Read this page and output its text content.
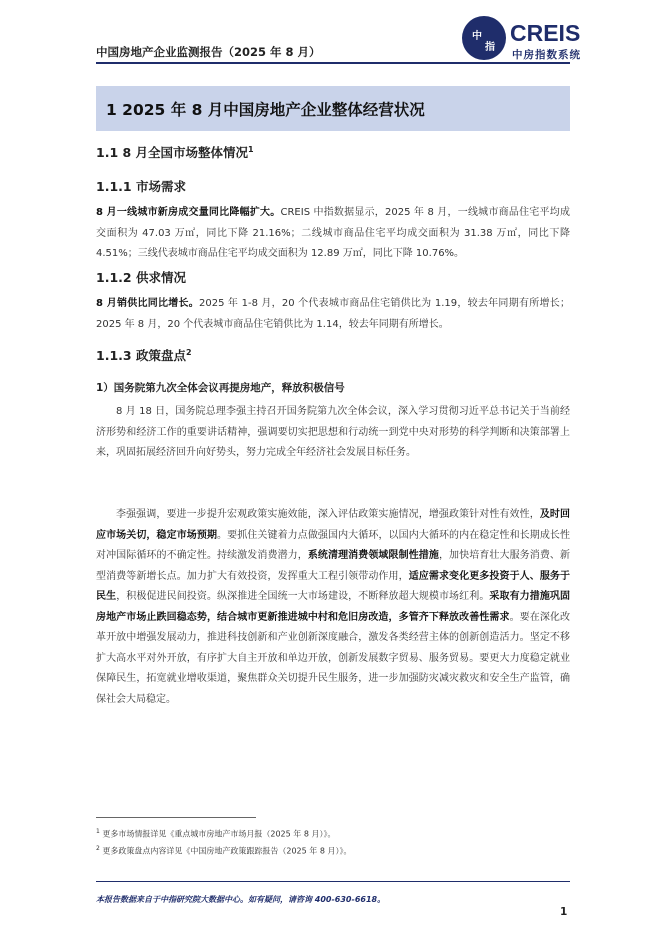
中国房地产企业监测报告（2025 年 8 月）
中
指
CREIS
中房指数系统
1 2025 年 8 月中国房地产企业整体经营状况
1.1 8 月全国市场整体情况$^1$
1.1.1 市场需求

8 月一线城市新房成交量同比降幅扩大。CREIS 中指数据显示，2025 年 8 月，一线城市商品住宅平均成交面积为 47.03 万㎡，同比下降 21.16%；二线城市商品住宅平均成交面积为 31.38 万㎡，同比下降 4.51%；三线代表城市商品住宅平均成交面积为 12.89 万㎡，同比下降 10.76%。

1.1.2 供求情况

8 月销供比同比增长。2025 年 1-8 月，20 个代表城市商品住宅销供比为 1.19，较去年同期有所增长；2025 年 8 月，20 个代表城市商品住宅销供比为 1.14，较去年同期有所增长。

1.1.3 政策盘点$^2$
1）国务院第九次全体会议再提房地产，释放积极信号

8 月 18 日，国务院总理李强主持召开国务院第九次全体会议，深入学习贯彻习近平总书记关于当前经济形势和经济工作的重要讲话精神，强调要切实把思想和行动统一到党中央对形势的科学判断和决策部署上来，巩固拓展经济回升向好势头，努力完成全年经济社会发展目标任务。

李强强调，要进一步提升宏观政策实施效能，深入评估政策实施情况，增强政策针对性有效性，及时回应市场关切，稳定市场预期。要抓住关键着力点做强国内大循环，以国内大循环的内在稳定性和长期成长性对冲国际循环的不确定性。持续激发消费潜力，系统清理消费领域限制性措施，加快培育壮大服务消费、新型消费等新增长点。加力扩大有效投资，发挥重大工程引领带动作用，适应需求变化更多投资于人、服务于民生，积极促进民间投资。纵深推进全国统一大市场建设，不断释放超大规模市场红利。采取有力措施巩固房地产市场止跌回稳态势，结合城市更新推进城中村和危旧房改造，多管齐下释放改善性需求。要在深化改革开放中增强发展动力，推进科技创新和产业创新深度融合，激发各类经营主体的创新创造活力。坚定不移扩大高水平对外开放，有序扩大自主开放和单边开放，创新发展数字贸易、服务贸易。要更大力度稳定就业保障民生，拓宽就业增收渠道，聚焦群众关切提升民生服务，进一步加强防灾减灾救灾和安全生产监管，确保社会大局稳定。

$^1$ 更多市场情报详见《重点城市房地产市场月报（2025 年 8 月）》。
$^2$ 更多政策盘点内容详见《中国房地产政策跟踪报告（2025 年 8 月）》。
本报告数据来自于中指研究院大数据中心。如有疑问，请咨询 400-630-6618。
1
